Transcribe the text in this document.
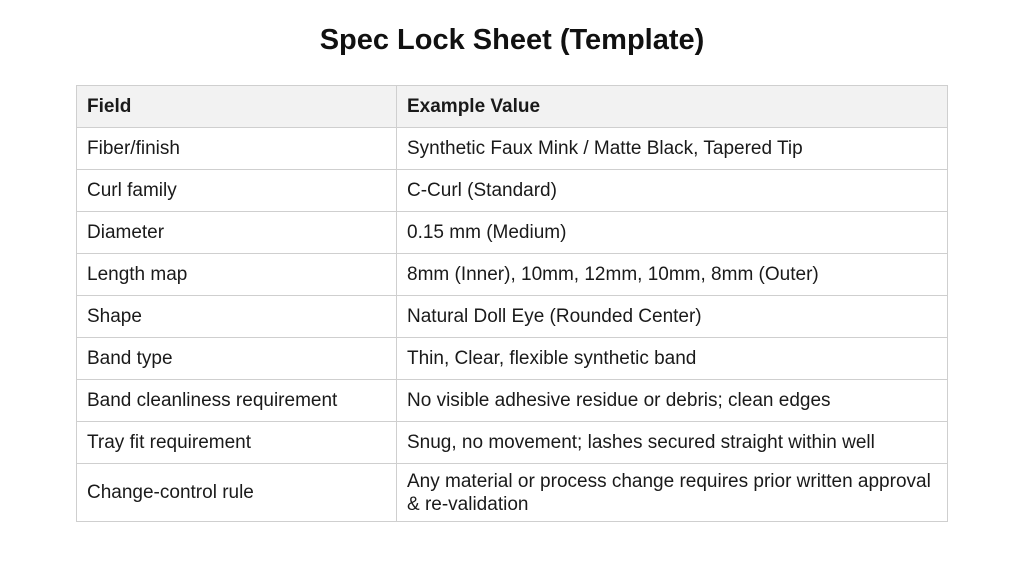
Spec Lock Sheet (Template)
Field	Example Value
Fiber/finish	Synthetic Faux Mink / Matte Black, Tapered Tip
Curl family	C-Curl (Standard)
Diameter	0.15 mm (Medium)
Length map	8mm (Inner), 10mm, 12mm, 10mm, 8mm (Outer)
Shape	Natural Doll Eye (Rounded Center)
Band type	Thin, Clear, flexible synthetic band
Band cleanliness requirement	No visible adhesive residue or debris; clean edges
Tray fit requirement	Snug, no movement; lashes secured straight within well
Change-control rule	Any material or process change requires prior written approval & re-validation
